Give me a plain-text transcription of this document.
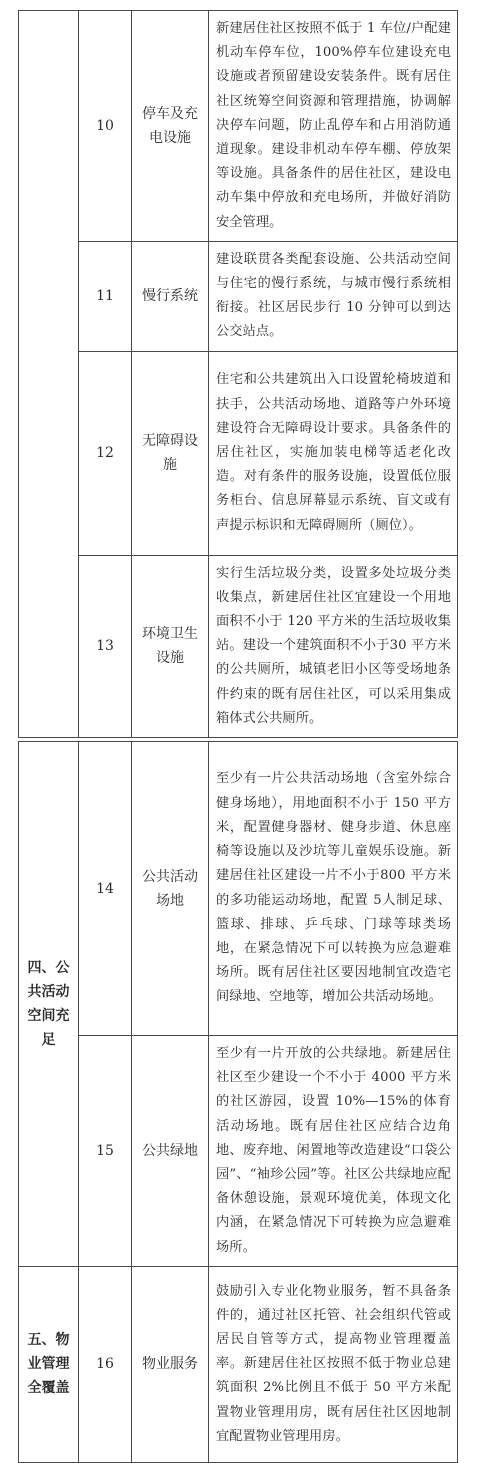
	10	停车及充电设施	新建居住社区按照不低于 1 车位/户配建机动车停车位，100%停车位建设充电设施或者预留建设安装条件。既有居住社区统筹空间资源和管理措施，协调解决停车问题，防止乱停车和占用消防通道现象。建设非机动车停车棚、停放架等设施。具备条件的居住社区，建设电动车集中停放和充电场所，并做好消防安全管理。
	11	慢行系统	建设联贯各类配套设施、公共活动空间与住宅的慢行系统，与城市慢行系统相衔接。社区居民步行 10 分钟可以到达公交站点。
	12	无障碍设施	住宅和公共建筑出入口设置轮椅坡道和扶手，公共活动场地、道路等户外环境建设符合无障碍设计要求。具备条件的居住社区，实施加装电梯等适老化改造。对有条件的服务设施，设置低位服务柜台、信息屏幕显示系统、盲文或有声提示标识和无障碍厕所（厕位）。
	13	环境卫生设施	实行生活垃圾分类，设置多处垃圾分类收集点，新建居住社区宜建设一个用地面积不小于 120 平方米的生活垃圾收集站。建设一个建筑面积不小于30 平方米的公共厕所，城镇老旧小区等受场地条件约束的既有居住社区，可以采用集成箱体式公共厕所。
四、公共活动空间充足	14	公共活动场地	至少有一片公共活动场地（含室外综合健身场地），用地面积不小于 150 平方米，配置健身器材、健身步道、休息座椅等设施以及沙坑等儿童娱乐设施。新建居住社区建设一片不小于800 平方米的多功能运动场地，配置 5人制足球、篮球、排球、乒乓球、门球等球类场地，在紧急情况下可以转换为应急避难场所。既有居住社区要因地制宜改造宅间绿地、空地等，增加公共活动场地。
	15	公共绿地	至少有一片开放的公共绿地。新建居住社区至少建设一个不小于 4000 平方米的社区游园，设置 10%—15%的体育活动场地。既有居住社区应结合边角地、废弃地、闲置地等改造建设“口袋公园”、“袖珍公园”等。社区公共绿地应配备休憩设施，景观环境优美，体现文化内涵，在紧急情况下可转换为应急避难场所。
五、物业管理全覆盖	16	物业服务	鼓励引入专业化物业服务，暂不具备条件的，通过社区托管、社会组织代管或居民自管等方式，提高物业管理覆盖率。新建居住社区按照不低于物业总建筑面积 2%比例且不低于 50 平方米配置物业管理用房，既有居住社区因地制宜配置物业管理用房。
